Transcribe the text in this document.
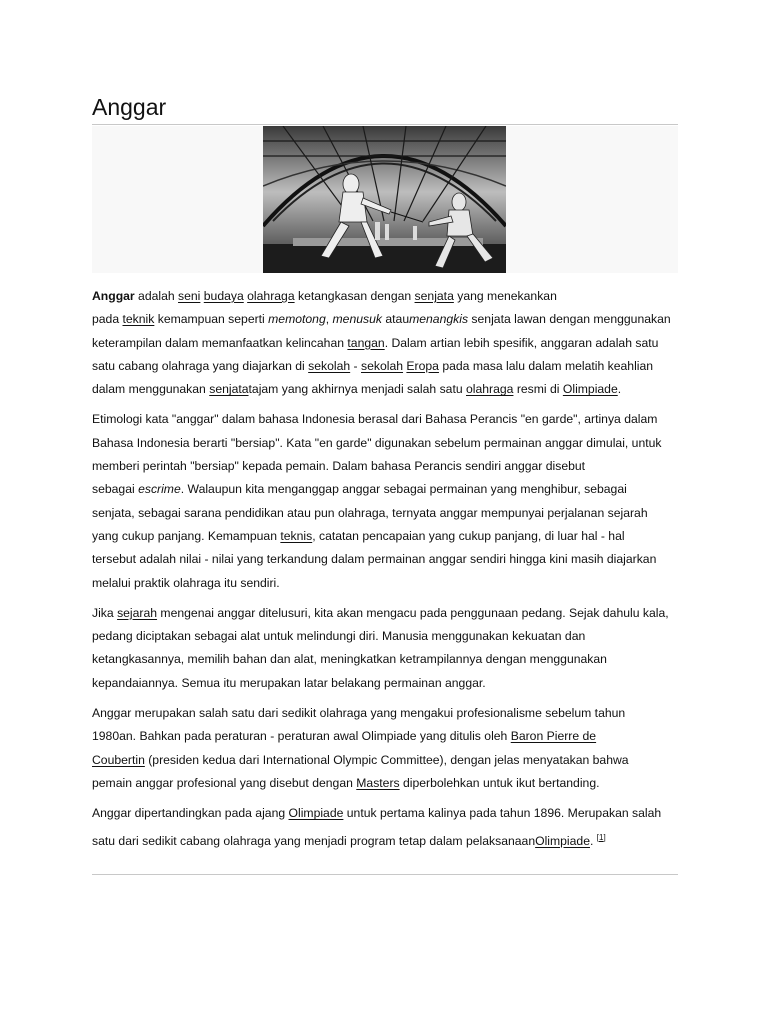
Anggar

Anggar adalah seni budaya olahraga ketangkasan dengan senjata yang menekankan
pada teknik kemampuan seperti memotong, menusuk ataumenangkis senjata lawan dengan menggunakan
keterampilan dalam memanfaatkan kelincahan tangan. Dalam artian lebih spesifik, anggaran adalah satu
satu cabang olahraga yang diajarkan di sekolah - sekolah Eropa pada masa lalu dalam melatih keahlian
dalam menggunakan senjatatajam yang akhirnya menjadi salah satu olahraga resmi di Olimpiade.

Etimologi kata "anggar" dalam bahasa Indonesia berasal dari Bahasa Perancis "en garde", artinya dalam
Bahasa Indonesia berarti "bersiap". Kata "en garde" digunakan sebelum permainan anggar dimulai, untuk
memberi perintah "bersiap" kepada pemain. Dalam bahasa Perancis sendiri anggar disebut
sebagai escrime. Walaupun kita menganggap anggar sebagai permainan yang menghibur, sebagai
senjata, sebagai sarana pendidikan atau pun olahraga, ternyata anggar mempunyai perjalanan sejarah
yang cukup panjang. Kemampuan teknis, catatan pencapaian yang cukup panjang, di luar hal - hal
tersebut adalah nilai - nilai yang terkandung dalam permainan anggar sendiri hingga kini masih diajarkan
melalui praktik olahraga itu sendiri.

Jika sejarah mengenai anggar ditelusuri, kita akan mengacu pada penggunaan pedang. Sejak dahulu kala,
pedang diciptakan sebagai alat untuk melindungi diri. Manusia menggunakan kekuatan dan
ketangkasannya, memilih bahan dan alat, meningkatkan ketrampilannya dengan menggunakan
kepandaiannya. Semua itu merupakan latar belakang permainan anggar.

Anggar merupakan salah satu dari sedikit olahraga yang mengakui profesionalisme sebelum tahun
1980an. Bahkan pada peraturan - peraturan awal Olimpiade yang ditulis oleh Baron Pierre de
Coubertin (presiden kedua dari International Olympic Committee), dengan jelas menyatakan bahwa
pemain anggar profesional yang disebut dengan Masters diperbolehkan untuk ikut bertanding.

Anggar dipertandingkan pada ajang Olimpiade untuk pertama kalinya pada tahun 1896. Merupakan salah
satu dari sedikit cabang olahraga yang menjadi program tetap dalam pelaksanaanOlimpiade. [1]
